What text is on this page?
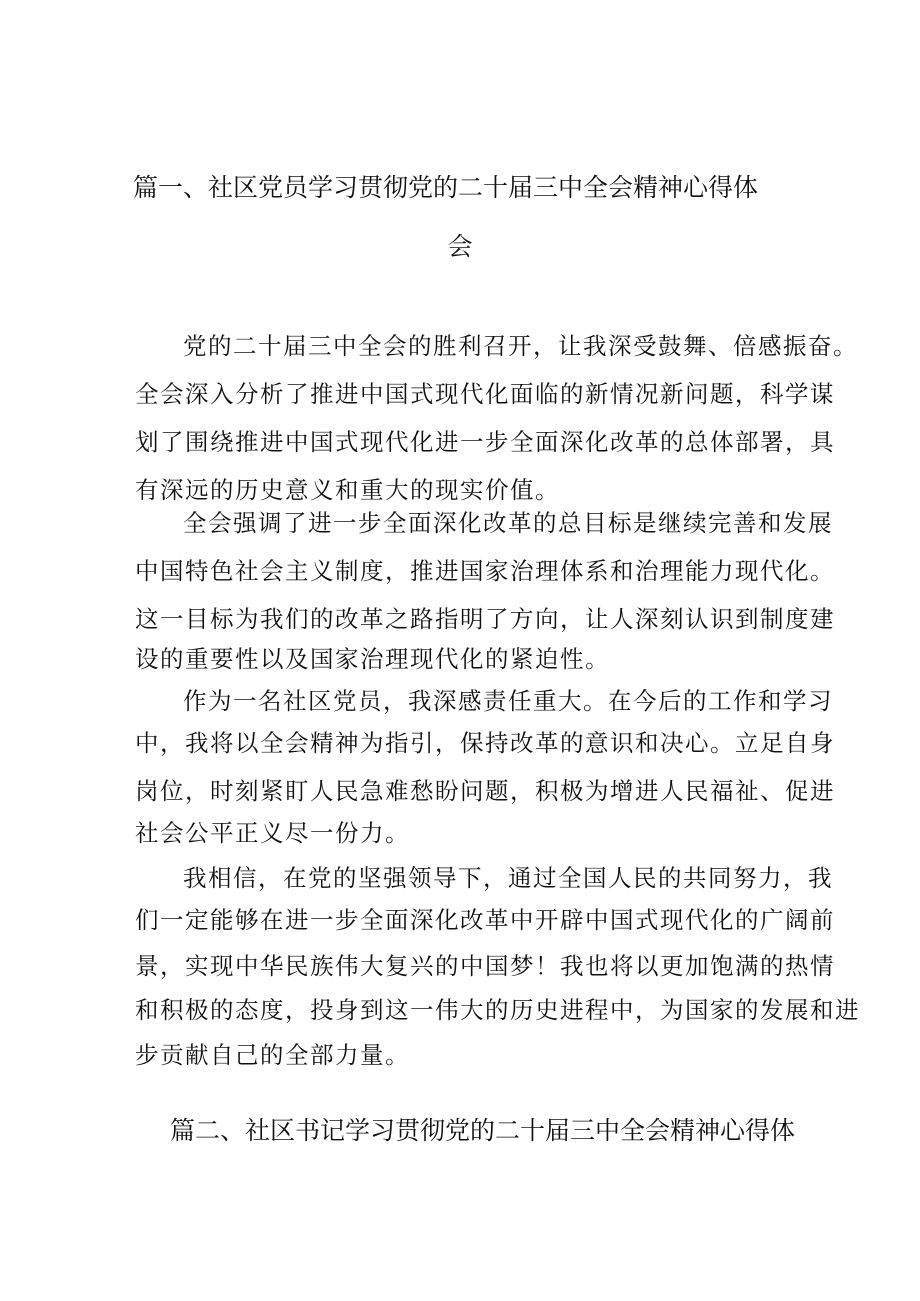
篇一、社区党员学习贯彻党的二十届三中全会精神心得体
会
党的二十届三中全会的胜利召开，让我深受鼓舞、倍感振奋。
全会深入分析了推进中国式现代化面临的新情况新问题，科学谋
划了围绕推进中国式现代化进一步全面深化改革的总体部署，具
有深远的历史意义和重大的现实价值。
全会强调了进一步全面深化改革的总目标是继续完善和发展
中国特色社会主义制度，推进国家治理体系和治理能力现代化。
这一目标为我们的改革之路指明了方向，让人深刻认识到制度建
设的重要性以及国家治理现代化的紧迫性。
作为一名社区党员，我深感责任重大。在今后的工作和学习
中，我将以全会精神为指引，保持改革的意识和决心。立足自身
岗位，时刻紧盯人民急难愁盼问题，积极为增进人民福祉、促进
社会公平正义尽一份力。
我相信，在党的坚强领导下，通过全国人民的共同努力，我
们一定能够在进一步全面深化改革中开辟中国式现代化的广阔前
景，实现中华民族伟大复兴的中国梦！我也将以更加饱满的热情
和积极的态度，投身到这一伟大的历史进程中，为国家的发展和进
步贡献自己的全部力量。
篇二、社区书记学习贯彻党的二十届三中全会精神心得体
